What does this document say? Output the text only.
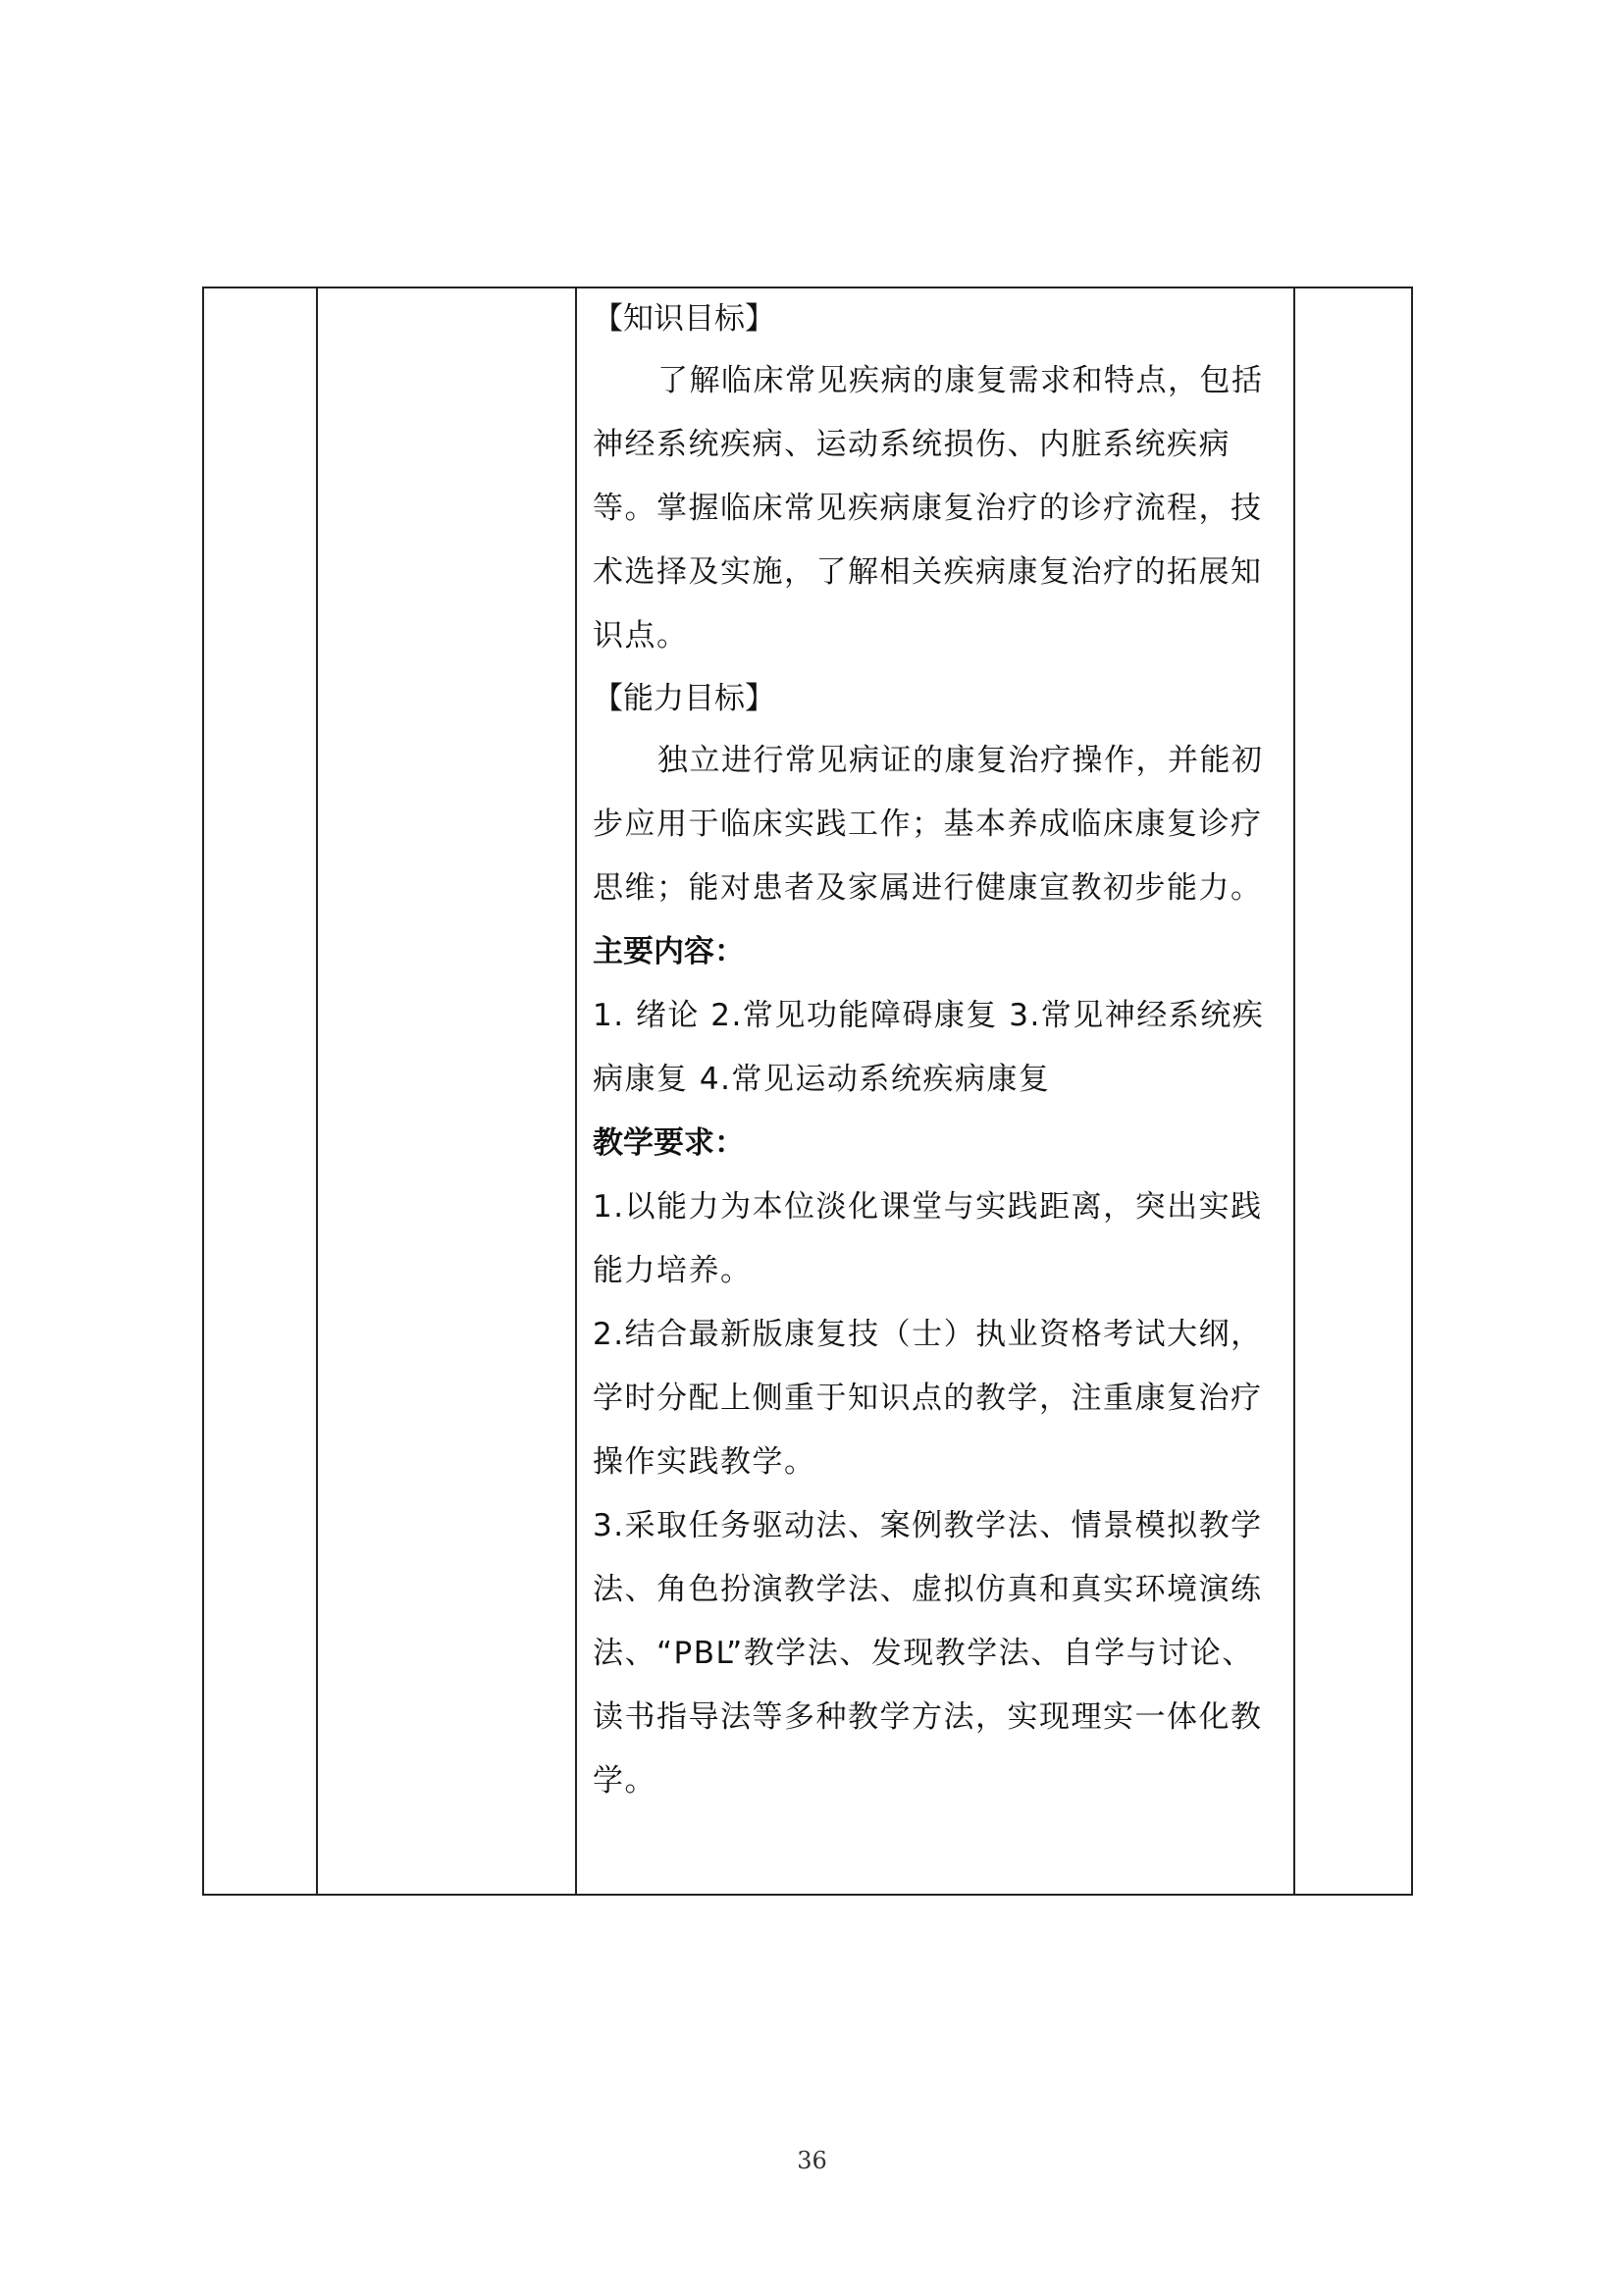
【知识目标】

了解临床常见疾病的康复需求和特点，包括神经系统疾病、运动系统损伤、内脏系统疾病等。掌握临床常见疾病康复治疗的诊疗流程，技术选择及实施，了解相关疾病康复治疗的拓展知识点。

【能力目标】

独立进行常见病证的康复治疗操作，并能初步应用于临床实践工作；基本养成临床康复诊疗思维；能对患者及家属进行健康宣教初步能力。

主要内容：

1. 绪论 2.常见功能障碍康复 3.常见神经系统疾病康复 4.常见运动系统疾病康复

教学要求：

1.以能力为本位淡化课堂与实践距离，突出实践能力培养。

2.结合最新版康复技（士）执业资格考试大纲，学时分配上侧重于知识点的教学，注重康复治疗操作实践教学。

3.采取任务驱动法、案例教学法、情景模拟教学法、角色扮演教学法、虚拟仿真和真实环境演练法、“PBL”教学法、发现教学法、自学与讨论、读书指导法等多种教学方法，实现理实一体化教学。

36
